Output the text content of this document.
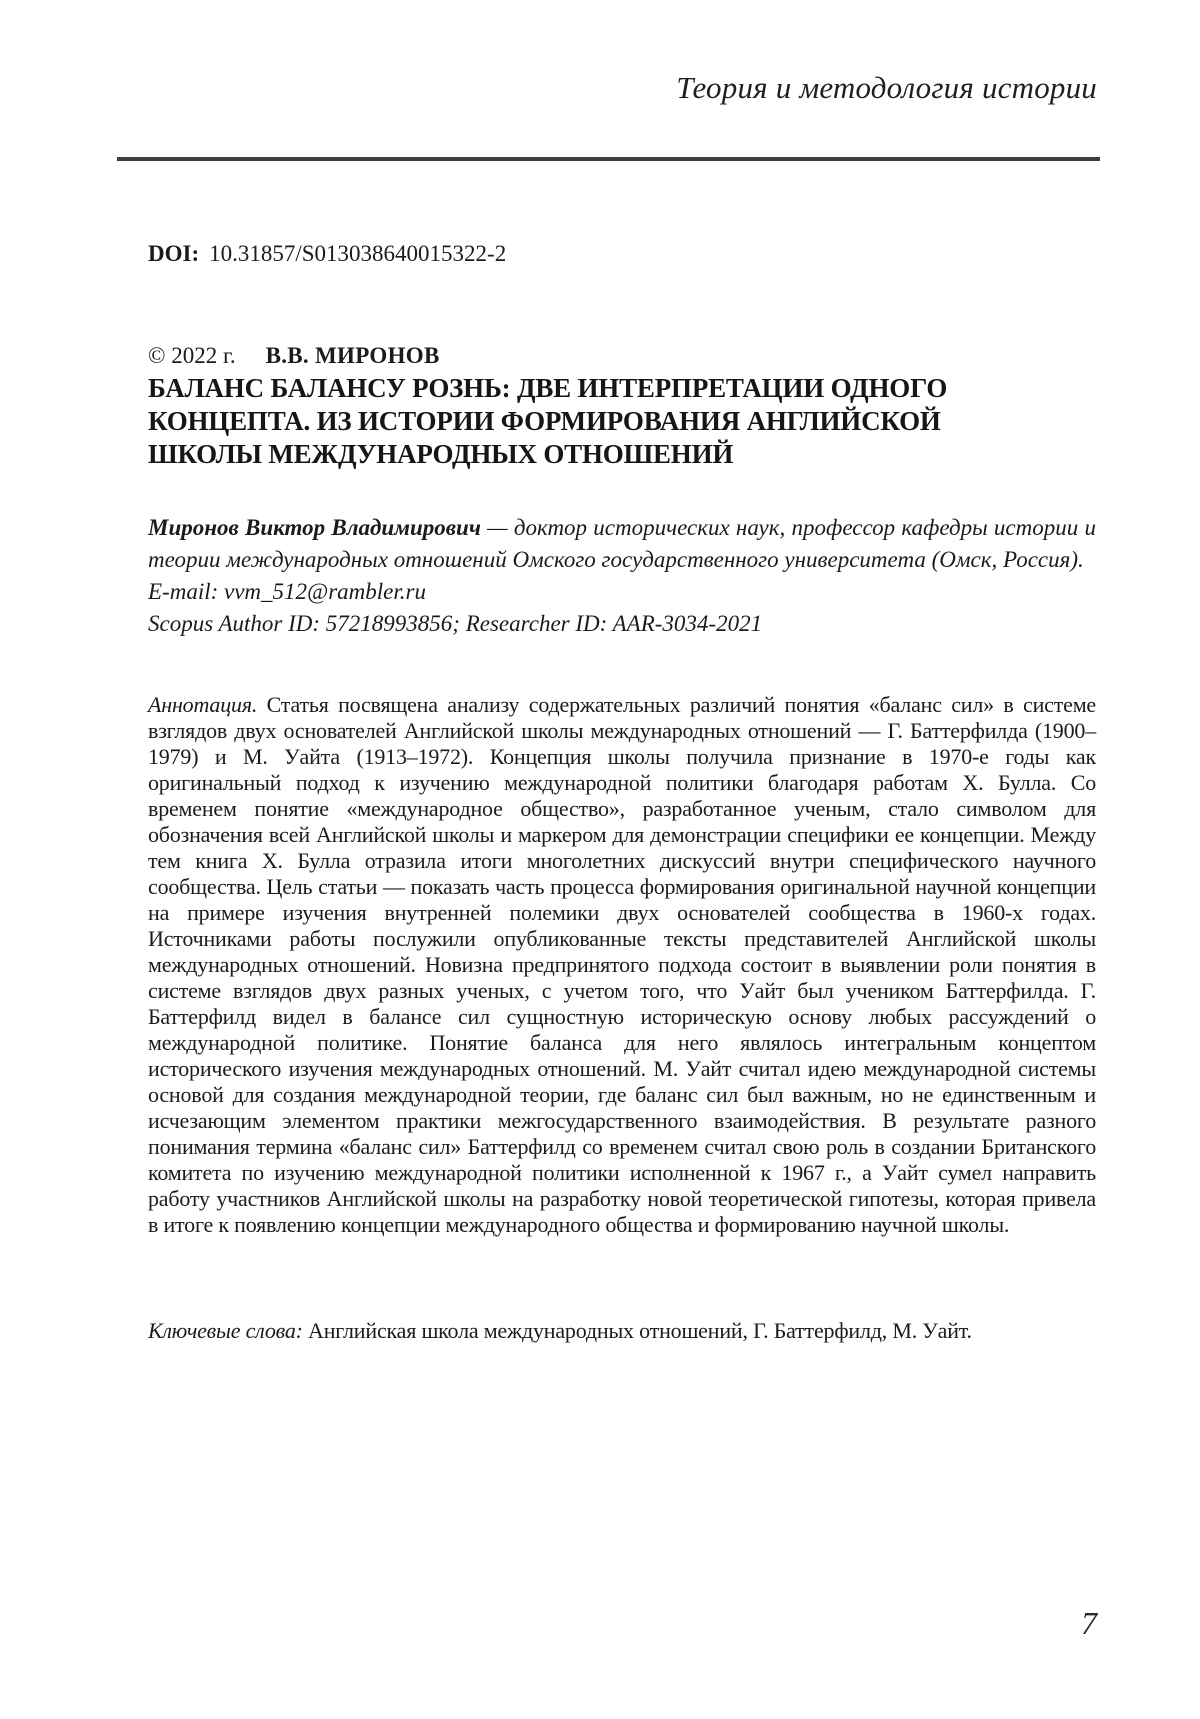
Теория и методология истории

DOI: 10.31857/S013038640015322-2

© 2022 г. В.В. МИРОНОВ

БАЛАНС БАЛАНСУ РОЗНЬ: ДВЕ ИНТЕРПРЕТАЦИИ ОДНОГО
КОНЦЕПТА. ИЗ ИСТОРИИ ФОРМИРОВАНИЯ АНГЛИЙСКОЙ
ШКОЛЫ МЕЖДУНАРОДНЫХ ОТНОШЕНИЙ

Миронов Виктор Владимирович — доктор исторических наук, профессор кафедры истории и теории международных отношений Омского государственного университета (Омск, Россия).

E-mail: vvm_512@rambler.ru

Scopus Author ID: 57218993856; Researcher ID: AAR-3034-2021

Аннотация. Статья посвящена анализу содержательных различий понятия «баланс сил» в системе взглядов двух основателей Английской школы международных отношений — Г. Баттерфилда (1900–1979) и М. Уайта (1913–1972). Концепция школы получила признание в 1970-е годы как оригинальный подход к изучению международной политики благодаря работам Х. Булла. Со временем понятие «международное общество», разработанное ученым, стало символом для обозначения всей Английской школы и маркером для демонстрации специфики ее концепции. Между тем книга Х. Булла отразила итоги многолетних дискуссий внутри специфического научного сообщества. Цель статьи — показать часть процесса формирования оригинальной научной концепции на примере изучения внутренней полемики двух основателей сообщества в 1960-х годах. Источниками работы послужили опубликованные тексты представителей Английской школы международных отношений. Новизна предпринятого подхода состоит в выявлении роли понятия в системе взглядов двух разных ученых, с учетом того, что Уайт был учеником Баттерфилда. Г. Баттерфилд видел в балансе сил сущностную историческую основу любых рассуждений о международной политике. Понятие баланса для него являлось интегральным концептом исторического изучения международных отношений. М. Уайт считал идею международной системы основой для создания международной теории, где баланс сил был важным, но не единственным и исчезающим элементом практики межгосударственного взаимодействия. В результате разного понимания термина «баланс сил» Баттерфилд со временем считал свою роль в создании Британского комитета по изучению международной политики исполненной к 1967 г., а Уайт сумел направить работу участников Английской школы на разработку новой теоретической гипотезы, которая привела в итоге к появлению концепции международного общества и формированию научной школы.

Ключевые слова: Английская школа международных отношений, Г. Баттерфилд, М. Уайт.

7
